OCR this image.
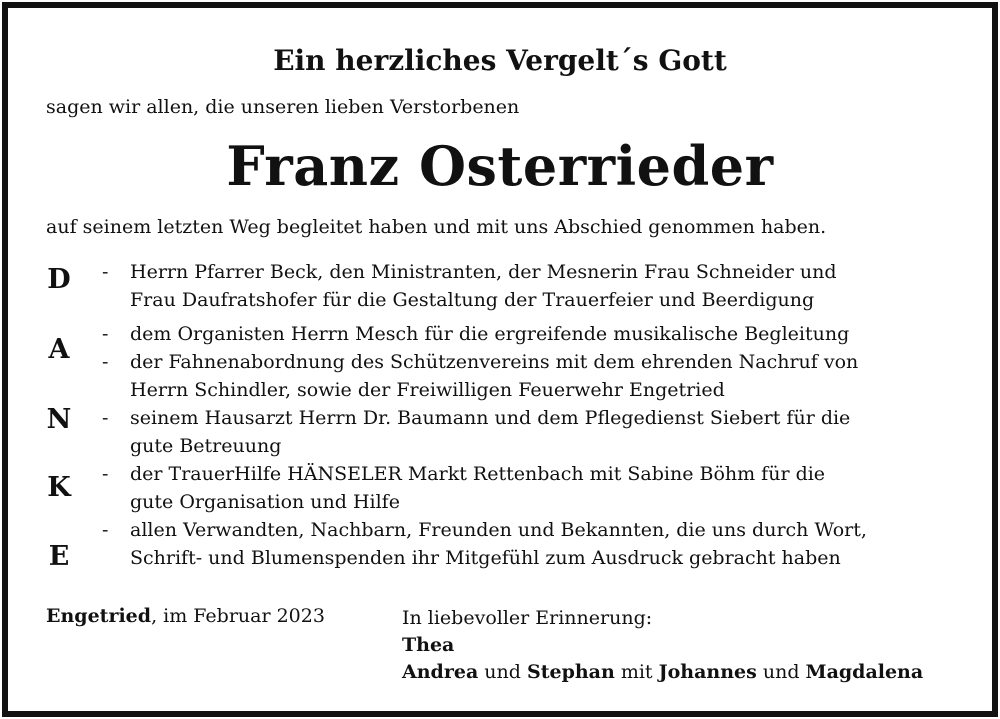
Ein herzliches Vergelt´s Gott
sagen wir allen, die unseren lieben Verstorbenen
Franz Osterrieder
auf seinem letzten Weg begleitet haben und mit uns Abschied genommen haben.
D
A
N
K
E
-	Herrn Pfarrer Beck, den Ministranten, der Mesnerin Frau Schneider und
Frau Daufratshofer für die Gestaltung der Trauerfeier und Beerdigung
-	dem Organisten Herrn Mesch für die ergreifende musikalische Begleitung
-	der Fahnenabordnung des Schützenvereins mit dem ehrenden Nachruf von
Herrn Schindler, sowie der Freiwilligen Feuerwehr Engetried
-	seinem Hausarzt Herrn Dr. Baumann und dem Pflegedienst Siebert für die
gute Betreuung
-	der TrauerHilfe HÄNSELER Markt Rettenbach mit Sabine Böhm für die
gute Organisation und Hilfe
-	allen Verwandten, Nachbarn, Freunden und Bekannten, die uns durch Wort,
Schrift- und Blumenspenden ihr Mitgefühl zum Ausdruck gebracht haben
Engetried, im Februar 2023	In liebevoller Erinnerung:
Thea
Andrea und Stephan mit Johannes und Magdalena
